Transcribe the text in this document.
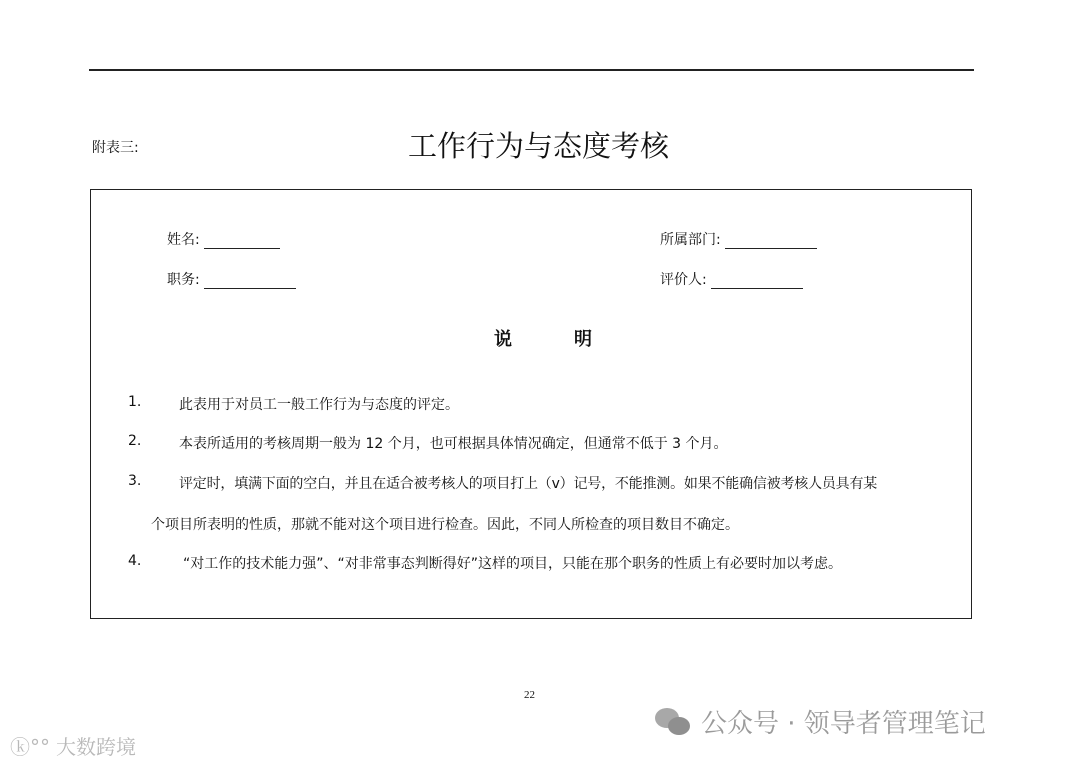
附表三:	工作行为与态度考核
姓名:	所属部门:
职务:	评价人:
说	明
1.	此表用于对员工一般工作行为与态度的评定。
2.	本表所适用的考核周期一般为 12 个月，也可根据具体情况确定，但通常不低于 3 个月。
3.	评定时，填满下面的空白，并且在适合被考核人的项目打上（v）记号，不能推测。如果不能确信被考核人员具有某
个项目所表明的性质，那就不能对这个项目进行检查。因此，不同人所检查的项目数目不确定。
4.	“对工作的技术能力强”、“对非常事态判断得好”这样的项目，只能在那个职务的性质上有必要时加以考虑。
22
公众号 · 领导者管理笔记
ⓚ°° 大数跨境
